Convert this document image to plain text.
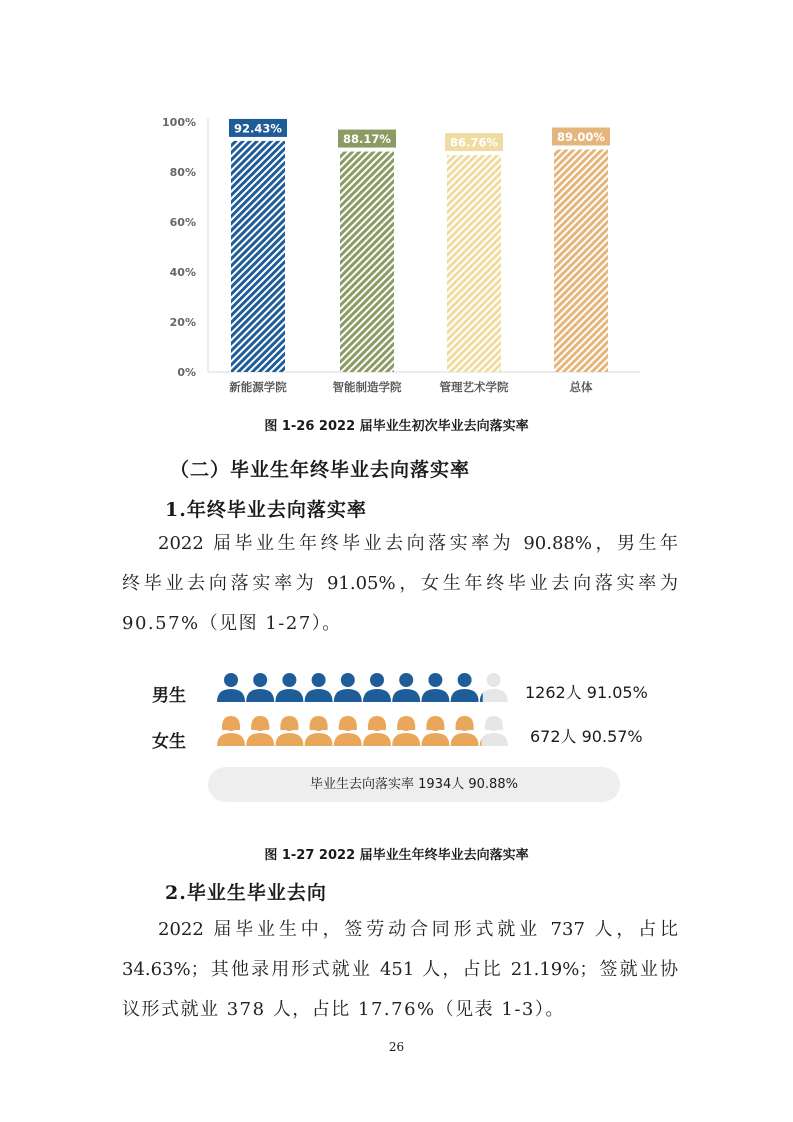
0%
20%
40%
60%
80%
100%	92.43%
88.17%	86.76%	89.00%
新能源学院	智能制造学院	管理艺术学院	总体
图 1-26 2022 届毕业生初次毕业去向落实率
（二）毕业生年终毕业去向落实率
1.年终毕业去向落实率
2022 届毕业生年终毕业去向落实率为 90.88%，男生年
终毕业去向落实率为 91.05%，女生年终毕业去向落实率为
90.57%（见图 1-27）。
男生
女生
1262人 91.05%
672人 90.57%
毕业生去向落实率 1934人 90.88%
图 1-27 2022 届毕业生年终毕业去向落实率
2.毕业生毕业去向
2022 届毕业生中，签劳动合同形式就业 737 人，占比
34.63%；其他录用形式就业 451 人，占比 21.19%；签就业协
议形式就业 378 人，占比 17.76%（见表 1-3）。
26
